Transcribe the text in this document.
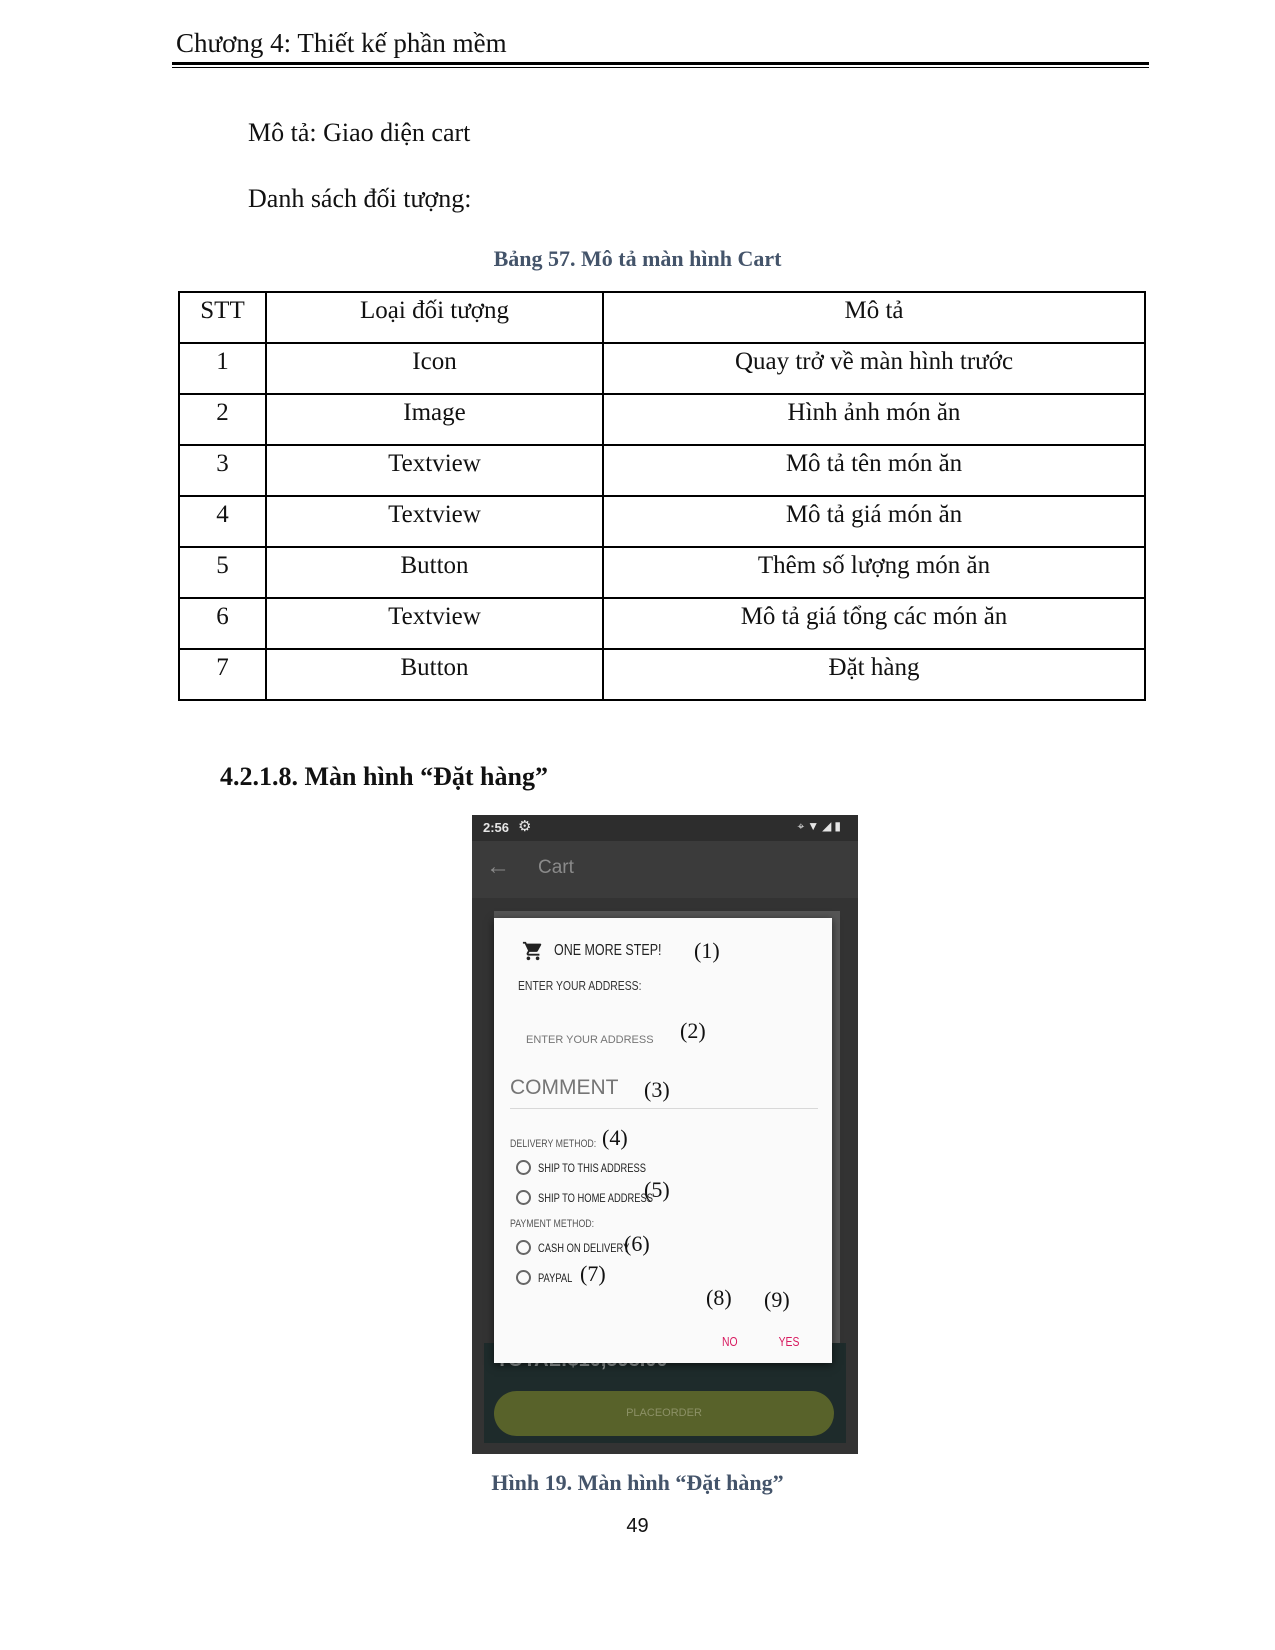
Chương 4: Thiết kế phần mềm
Mô tả: Giao diện cart
Danh sách đối tượng:
Bảng 57. Mô tả màn hình Cart
STT	Loại đối tượng	Mô tả

1	Icon	Quay trở về màn hình trước

2	Image	Hình ảnh món ăn

3	Textview	Mô tả tên món ăn

4	Textview	Mô tả giá món ăn

5	Button	Thêm số lượng món ăn

6	Textview	Mô tả giá tổng các món ăn

7	Button	Đặt hàng
4.2.1.8. Màn hình “Đặt hàng”
2:56 ⚙	⌖▼◢▮
← Cart
PLACEORDER
ONE MORE STEP!
ENTER YOUR ADDRESS:
ENTER YOUR ADDRESS
COMMENT
DELIVERY METHOD:
SHIP TO THIS ADDRESS
SHIP TO HOME ADDRESS
PAYMENT METHOD:
CASH ON DELIVERY
PAYPAL
NO	YES
(1)
(2)
(3)
(4)
(5)
(6)
(7)
(8) (9)
Hình 19. Màn hình “Đặt hàng”
49
